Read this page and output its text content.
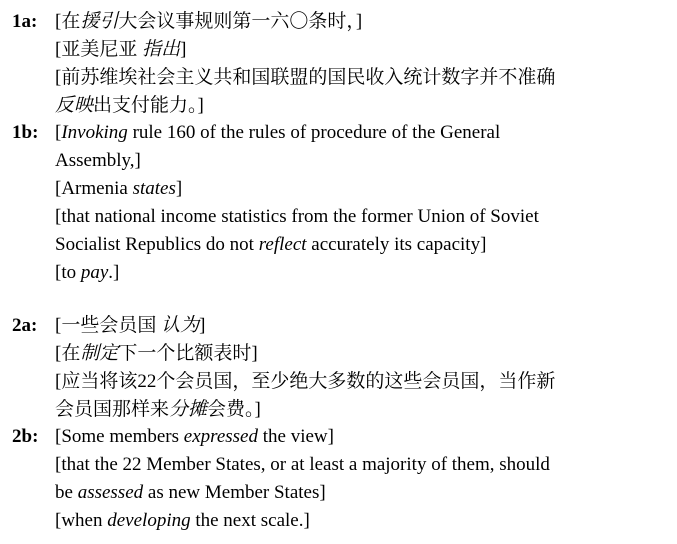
1a: [在援引大会议事规则第一六〇条时，]
[亚美尼亚 指出]
[前苏维埃社会主义共和国联盟的国民收入统计数字并不准确
反映出支付能力。]
1b: [Invoking rule 160 of the rules of procedure of the General
Assembly,]
[Armenia states]
[that national income statistics from the former Union of Soviet
Socialist Republics do not reflect accurately its capacity]
[to pay.]
2a: [一些会员国 认为]
[在制定下一个比额表时]
[应当将该22个会员国，至少绝大多数的这些会员国，当作新
会员国那样来分摊会费。]
2b: [Some members expressed the view]
[that the 22 Member States, or at least a majority of them, should
be assessed as new Member States]
[when developing the next scale.]
